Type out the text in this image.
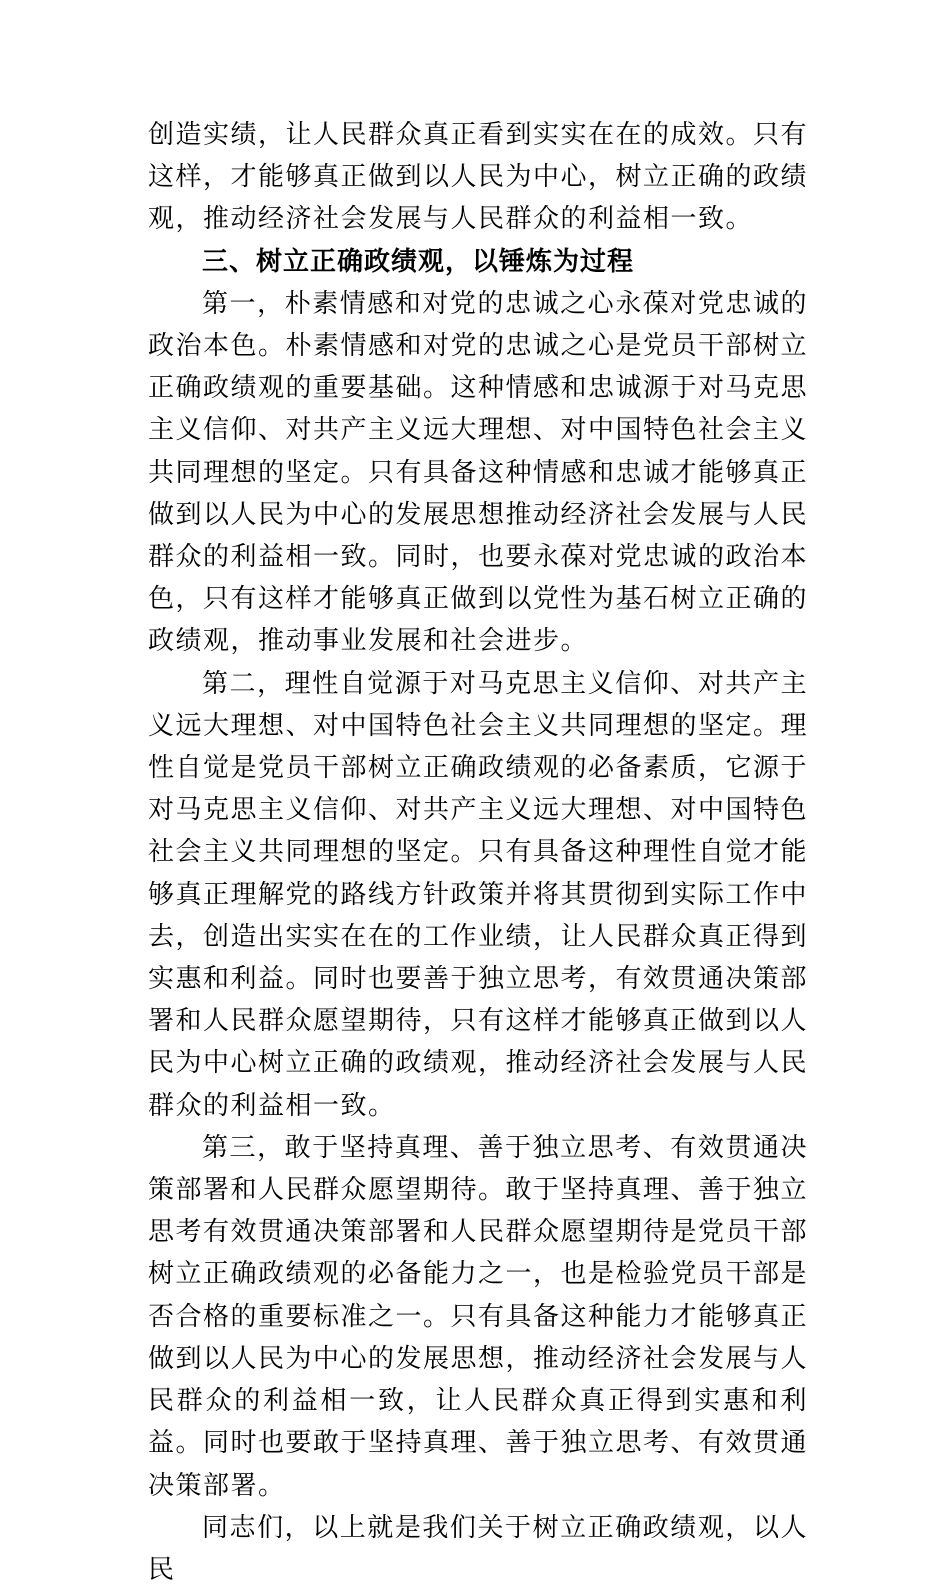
创造实绩，让人民群众真正看到实实在在的成效。只有这样，才能够真正做到以人民为中心，树立正确的政绩观，推动经济社会发展与人民群众的利益相一致。

三、树立正确政绩观，以锤炼为过程

第一，朴素情感和对党的忠诚之心永葆对党忠诚的政治本色。朴素情感和对党的忠诚之心是党员干部树立正确政绩观的重要基础。这种情感和忠诚源于对马克思主义信仰、对共产主义远大理想、对中国特色社会主义共同理想的坚定。只有具备这种情感和忠诚才能够真正做到以人民为中心的发展思想推动经济社会发展与人民群众的利益相一致。同时，也要永葆对党忠诚的政治本色，只有这样才能够真正做到以党性为基石树立正确的政绩观，推动事业发展和社会进步。

第二，理性自觉源于对马克思主义信仰、对共产主义远大理想、对中国特色社会主义共同理想的坚定。理性自觉是党员干部树立正确政绩观的必备素质，它源于对马克思主义信仰、对共产主义远大理想、对中国特色社会主义共同理想的坚定。只有具备这种理性自觉才能够真正理解党的路线方针政策并将其贯彻到实际工作中去，创造出实实在在的工作业绩，让人民群众真正得到实惠和利益。同时也要善于独立思考，有效贯通决策部署和人民群众愿望期待，只有这样才能够真正做到以人民为中心树立正确的政绩观，推动经济社会发展与人民群众的利益相一致。

第三，敢于坚持真理、善于独立思考、有效贯通决策部署和人民群众愿望期待。敢于坚持真理、善于独立思考有效贯通决策部署和人民群众愿望期待是党员干部树立正确政绩观的必备能力之一，也是检验党员干部是否合格的重要标准之一。只有具备这种能力才能够真正做到以人民为中心的发展思想，推动经济社会发展与人民群众的利益相一致，让人民群众真正得到实惠和利益。同时也要敢于坚持真理、善于独立思考、有效贯通决策部署。

同志们，以上就是我们关于树立正确政绩观，以人民
